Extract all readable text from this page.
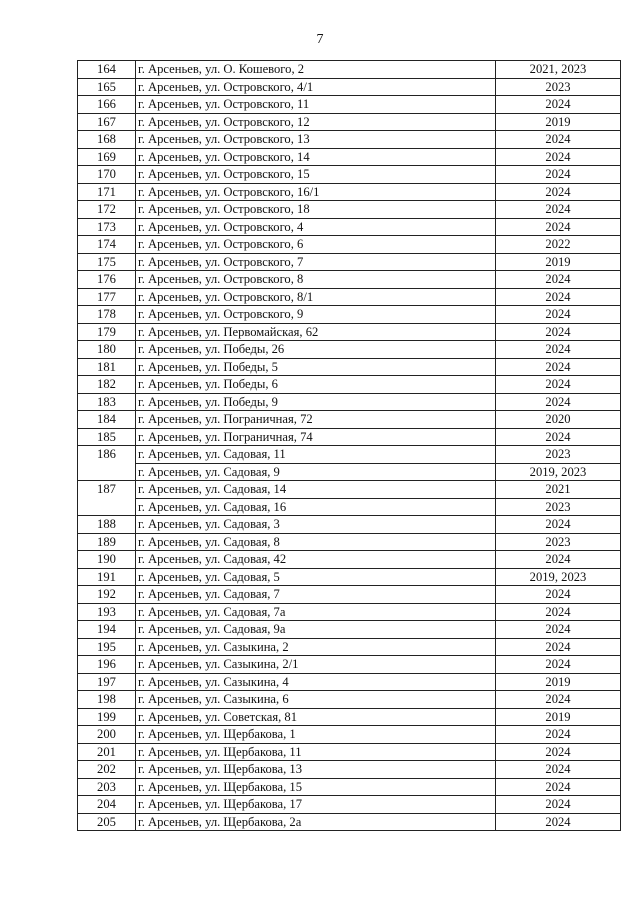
7
164	г. Арсеньев, ул. О. Кошевого, 2	2021, 2023
165	г. Арсеньев, ул. Островского, 4/1	2023
166	г. Арсеньев, ул. Островского, 11	2024
167	г. Арсеньев, ул. Островского, 12	2019
168	г. Арсеньев, ул. Островского, 13	2024
169	г. Арсеньев, ул. Островского, 14	2024
170	г. Арсеньев, ул. Островского, 15	2024
171	г. Арсеньев, ул. Островского, 16/1	2024
172	г. Арсеньев, ул. Островского, 18	2024
173	г. Арсеньев, ул. Островского, 4	2024
174	г. Арсеньев, ул. Островского, 6	2022
175	г. Арсеньев, ул. Островского, 7	2019
176	г. Арсеньев, ул. Островского, 8	2024
177	г. Арсеньев, ул. Островского, 8/1	2024
178	г. Арсеньев, ул. Островского, 9	2024
179	г. Арсеньев, ул. Первомайская, 62	2024
180	г. Арсеньев, ул. Победы, 26	2024
181	г. Арсеньев, ул. Победы, 5	2024
182	г. Арсеньев, ул. Победы, 6	2024
183	г. Арсеньев, ул. Победы, 9	2024
184	г. Арсеньев, ул. Пограничная, 72	2020
185	г. Арсеньев, ул. Пограничная, 74	2024
186	г. Арсеньев, ул. Садовая, 11	2023
	г. Арсеньев, ул. Садовая, 9	2019, 2023
187	г. Арсеньев, ул. Садовая, 14	2021
	г. Арсеньев, ул. Садовая, 16	2023
188	г. Арсеньев, ул. Садовая, 3	2024
189	г. Арсеньев, ул. Садовая, 8	2023
190	г. Арсеньев, ул. Садовая, 42	2024
191	г. Арсеньев, ул. Садовая, 5	2019, 2023
192	г. Арсеньев, ул. Садовая, 7	2024
193	г. Арсеньев, ул. Садовая, 7а	2024
194	г. Арсеньев, ул. Садовая, 9а	2024
195	г. Арсеньев, ул. Сазыкина, 2	2024
196	г. Арсеньев, ул. Сазыкина, 2/1	2024
197	г. Арсеньев, ул. Сазыкина, 4	2019
198	г. Арсеньев, ул. Сазыкина, 6	2024
199	г. Арсеньев, ул. Советская, 81	2019
200	г. Арсеньев, ул. Щербакова, 1	2024
201	г. Арсеньев, ул. Щербакова, 11	2024
202	г. Арсеньев, ул. Щербакова, 13	2024
203	г. Арсеньев, ул. Щербакова, 15	2024
204	г. Арсеньев, ул. Щербакова, 17	2024
205	г. Арсеньев, ул. Щербакова, 2а	2024
